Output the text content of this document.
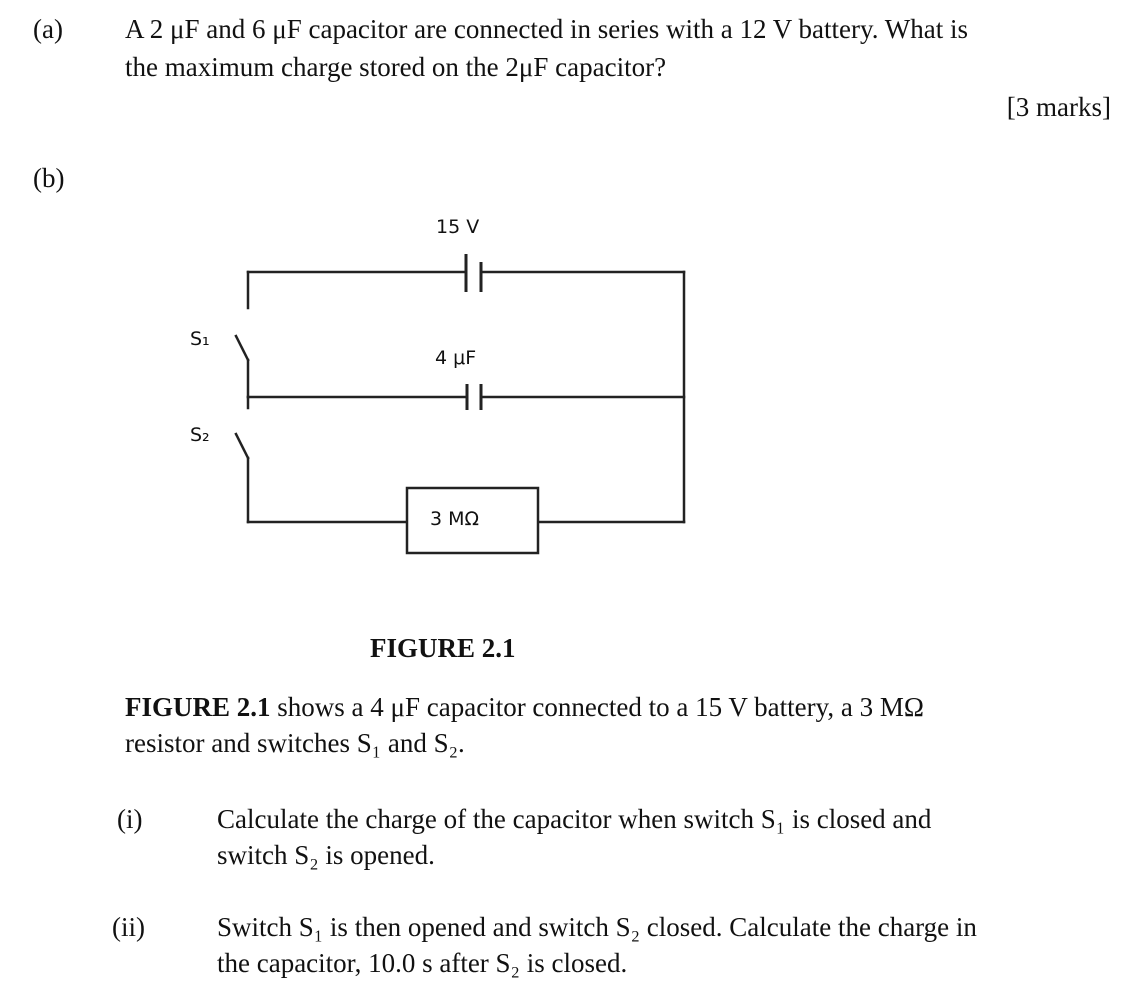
(a) A 2 μF and 6 μF capacitor are connected in series with a 12 V battery. What is
the maximum charge stored on the 2μF capacitor?
[3 marks]
(b)
15 V
4 μF
3 MΩ
S₁
S₂
FIGURE 2.1
FIGURE 2.1 shows a 4 μF capacitor connected to a 15 V battery, a 3 MΩ
resistor and switches S₁ and S₂.
(i)	Calculate the charge of the capacitor when switch S₁ is closed and
switch S₂ is opened.
(ii)	Switch S₁ is then opened and switch S₂ closed. Calculate the charge in
the capacitor, 10.0 s after S₂ is closed.
